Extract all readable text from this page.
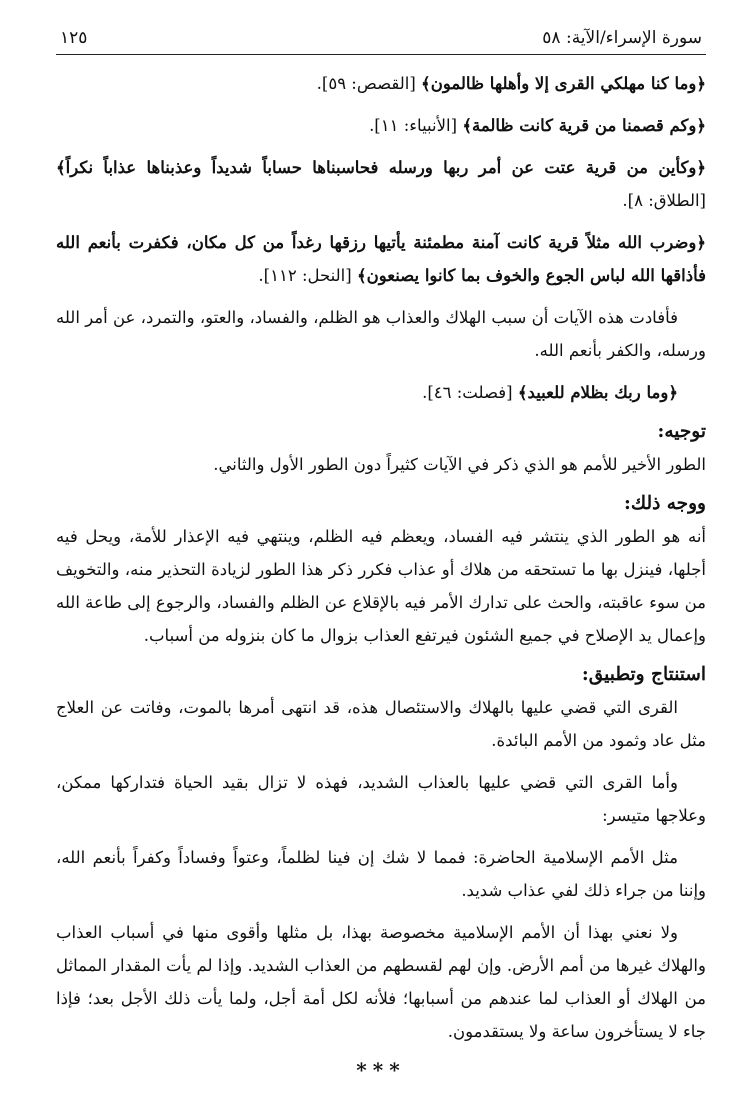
سورة الإسراء/الآية: ٥٨
١٢٥

﴿وما كنا مهلكي القرى إلا وأهلها ظالمون﴾ [القصص: ٥٩].

﴿وكم قصمنا من قرية كانت ظالمة﴾ [الأنبياء: ١١].

﴿وكأين من قرية عتت عن أمر ربها ورسله فحاسبناها حساباً شديداً وعذبناها عذاباً نكراً﴾ [الطلاق: ٨].

﴿وضرب الله مثلاً قرية كانت آمنة مطمئنة يأتيها رزقها رغداً من كل مكان، فكفرت بأنعم الله فأذاقها الله لباس الجوع والخوف بما كانوا يصنعون﴾ [النحل: ١١٢].

فأفادت هذه الآيات أن سبب الهلاك والعذاب هو الظلم، والفساد، والعتو، والتمرد، عن أمر الله ورسله، والكفر بأنعم الله.

﴿وما ربك بظلام للعبيد﴾ [فصلت: ٤٦].

توجيه:

الطور الأخير للأمم هو الذي ذكر في الآيات كثيراً دون الطور الأول والثاني.

ووجه ذلك:

أنه هو الطور الذي ينتشر فيه الفساد، ويعظم فيه الظلم، وينتهي فيه الإعذار للأمة، ويحل فيه أجلها، فينزل بها ما تستحقه من هلاك أو عذاب فكرر ذكر هذا الطور لزيادة التحذير منه، والتخويف من سوء عاقبته، والحث على تدارك الأمر فيه بالإقلاع عن الظلم والفساد، والرجوع إلى طاعة الله وإعمال يد الإصلاح في جميع الشئون فيرتفع العذاب بزوال ما كان بنزوله من أسباب.

استنتاج وتطبيق:

القرى التي قضي عليها بالهلاك والاستئصال هذه، قد انتهى أمرها بالموت، وفاتت عن العلاج مثل عاد وثمود من الأمم البائدة.

وأما القرى التي قضي عليها بالعذاب الشديد، فهذه لا تزال بقيد الحياة فتداركها ممكن، وعلاجها متيسر:

مثل الأمم الإسلامية الحاضرة: فمما لا شك إن فينا لظلماً، وعتواً وفساداً وكفراً بأنعم الله، وإننا من جراء ذلك لفي عذاب شديد.

ولا نعني بهذا أن الأمم الإسلامية مخصوصة بهذا، بل مثلها وأقوى منها في أسباب العذاب والهلاك غيرها من أمم الأرض. وإن لهم لقسطهم من العذاب الشديد. وإذا لم يأت المقدار المماثل من الهلاك أو العذاب لما عندهم من أسبابها؛ فلأنه لكل أمة أجل، ولما يأت ذلك الأجل بعد؛ فإذا جاء لا يستأخرون ساعة ولا يستقدمون.

***
